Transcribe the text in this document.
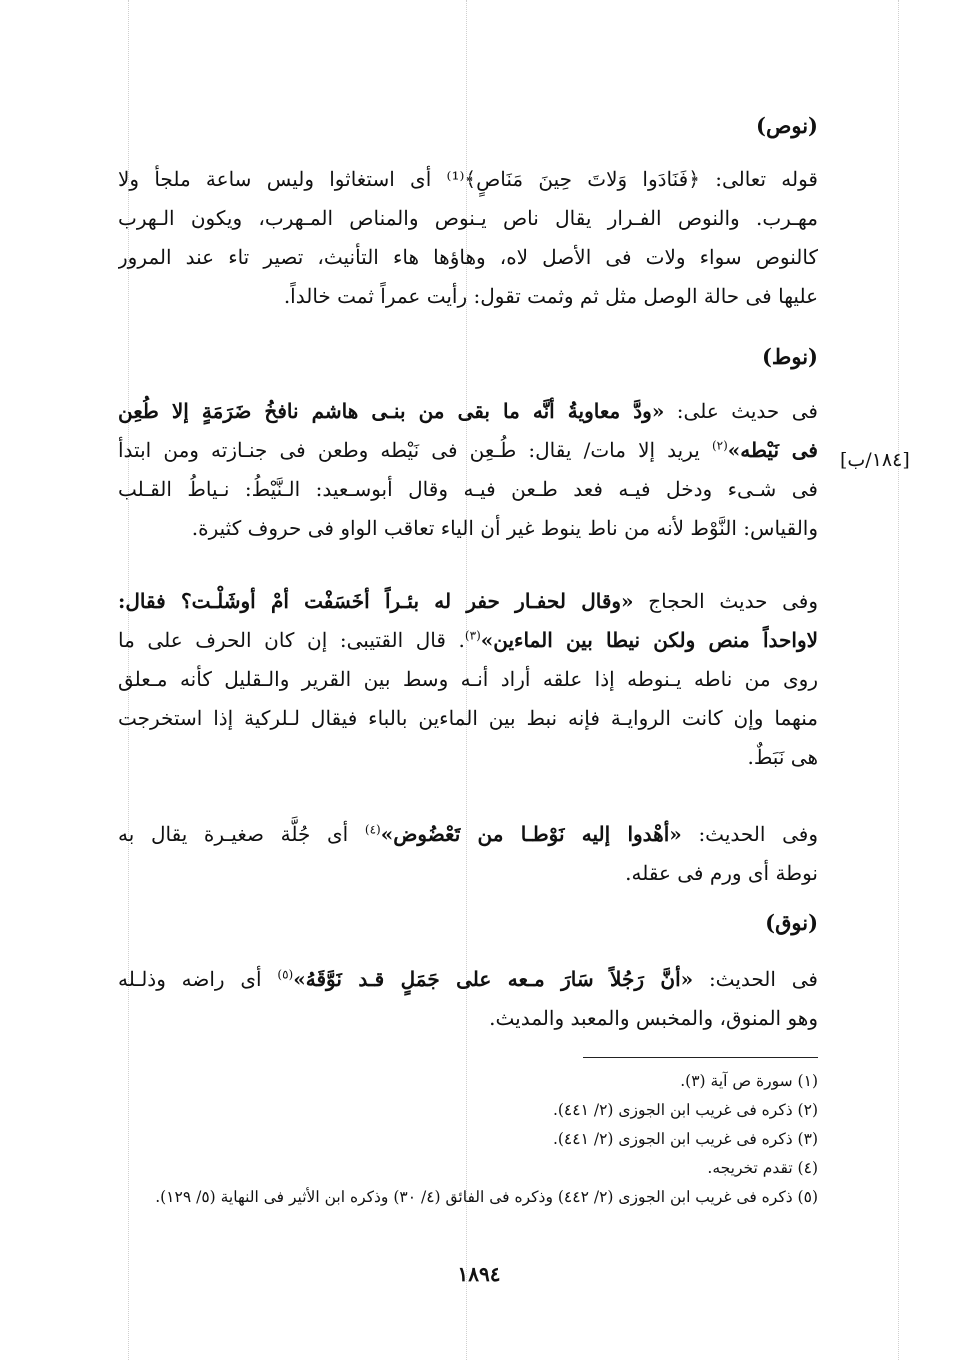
(نوص)
قوله تعالى: ﴿فَنَادَوا وَلاتَ حِينَ مَنَاصٍ﴾⁽¹⁾ أى استغاثوا وليس ساعة ملجأ ولا
مهـرب. والنوص الفـرار يقال ناص يـنوص والمناص المـهرب، ويكون الـهرب
كالنوص سواء ولات فى الأصل لاه، وهاؤها هاء التأنيث، تصير تاء عند المرور
عليها فى حالة الوصل مثل ثم وثمت تقول: رأيت عمراً ثمت خالداً.
(نوط)
فى حديث على: «ودَّ معاويةُ أنَّه ما بقى من بنـى هاشم نافخُ ضَرَمَةٍ إلا طُعِن
فى نَيْطه»$^{(٢)}$ يريد إلا مات/ يقال: طُـعِن فى نَيْطه وطعن فى جنـازته ومن ابتدأ
فى شـىء ودخل فيـه فعد طـعن فيـه وقال أبوسـعيد: الـنَّيْطُ: نـياطُ القـلب
والقياس: النَّوْط لأنه من ناط ينوط غير أن الياء تعاقب الواو فى حروف كثيرة.
[١٨٤/ب]
وفى حديث الحجاج «وقال لحفـار حفر له بئـراً أخَسَفْت أمْ أوشَلْـت؟ فقال:
لاواحداً منص ولكن نيطا بين الماءين»$^{(٣)}$. قال القتيبى: إن كان الحرف على ما
روى من ناطه يـنوطه إذا علقه أراد أنـه وسط بين القرير والـقليل كأنه مـعلق
منهما وإن كانت الروايـة فإنه نبط بين الماءين بالباء فيقال لـلركية إذا استخرجت
هى نَبَطٌ.
وفى الحديث: «أهْدوا إليه نَوْطـا من تَعْضُوض»$^{(٤)}$ أى جُلَّة صغيـرة يقال به
نوطة أى ورم فى عقله.
(نوق)
فى الحديث: «أنَّ رَجُلاً سَارَ مـعه على جَمَلٍ قـد نَوَّقَهُ»$^{(٥)}$ أى راضه وذلـله
وهو المنوق، والمخبس والمعبد والمديث.
(١) سورة ص آية (٣).
(٢) ذكره فى غريب ابن الجوزى (٢/ ٤٤١).
(٣) ذكره فى غريب ابن الجوزى (٢/ ٤٤١).
(٤) تقدم تخريجه.
(٥) ذكره فى غريب ابن الجوزى (٢/ ٤٤٢) وذكره فى الفائق (٤/ ٣٠) وذكره ابن الأثير فى النهاية (٥/ ١٢٩).
١٨٩٤
